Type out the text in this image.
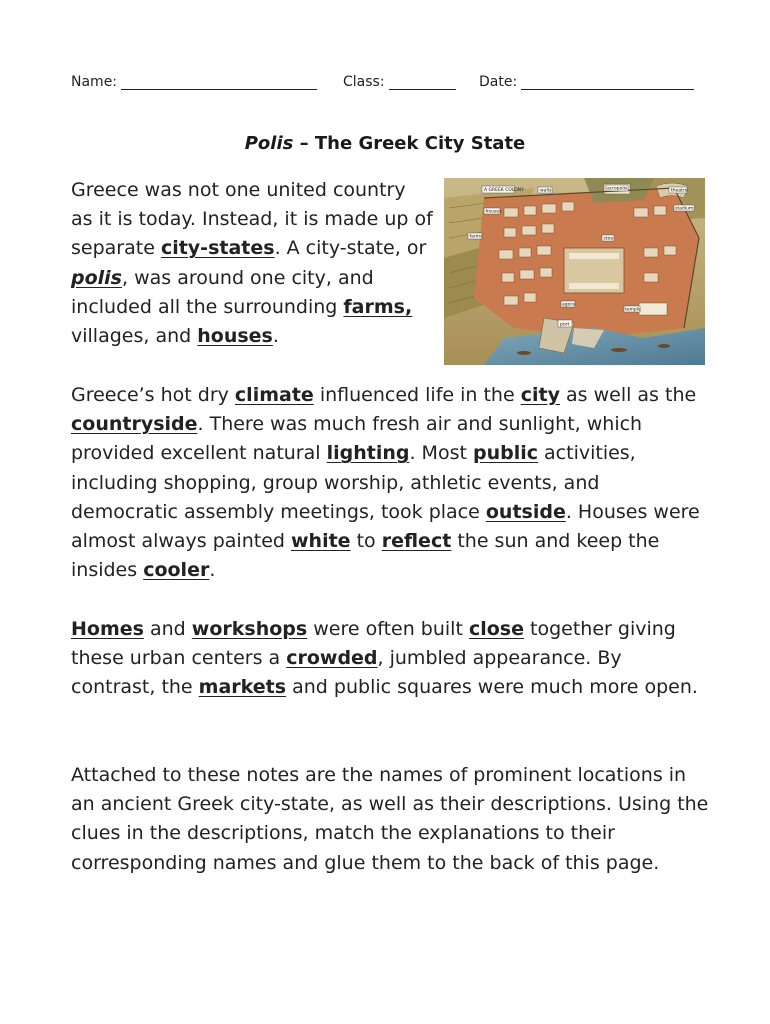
Name:	Class:	Date:
Polis – The Greek City State

Greece was not one united country as it is today. Instead, it is made up of separate city-states. A city-state, or polis, was around one city, and included all the surrounding farms, villages, and houses.

A GREEK COLONY	walls	acropolis	theatre
houses
stadium
stoa
agora
temple
port
farms

Greece’s hot dry climate influenced life in the city as well as the countryside. There was much fresh air and sunlight, which provided excellent natural lighting. Most public activities, including shopping, group worship, athletic events, and democratic assembly meetings, took place outside. Houses were almost always painted white to reflect the sun and keep the insides cooler.

Homes and workshops were often built close together giving these urban centers a crowded, jumbled appearance. By contrast, the markets and public squares were much more open.

Attached to these notes are the names of prominent locations in an ancient Greek city-state, as well as their descriptions. Using the clues in the descriptions, match the explanations to their corresponding names and glue them to the back of this page.
